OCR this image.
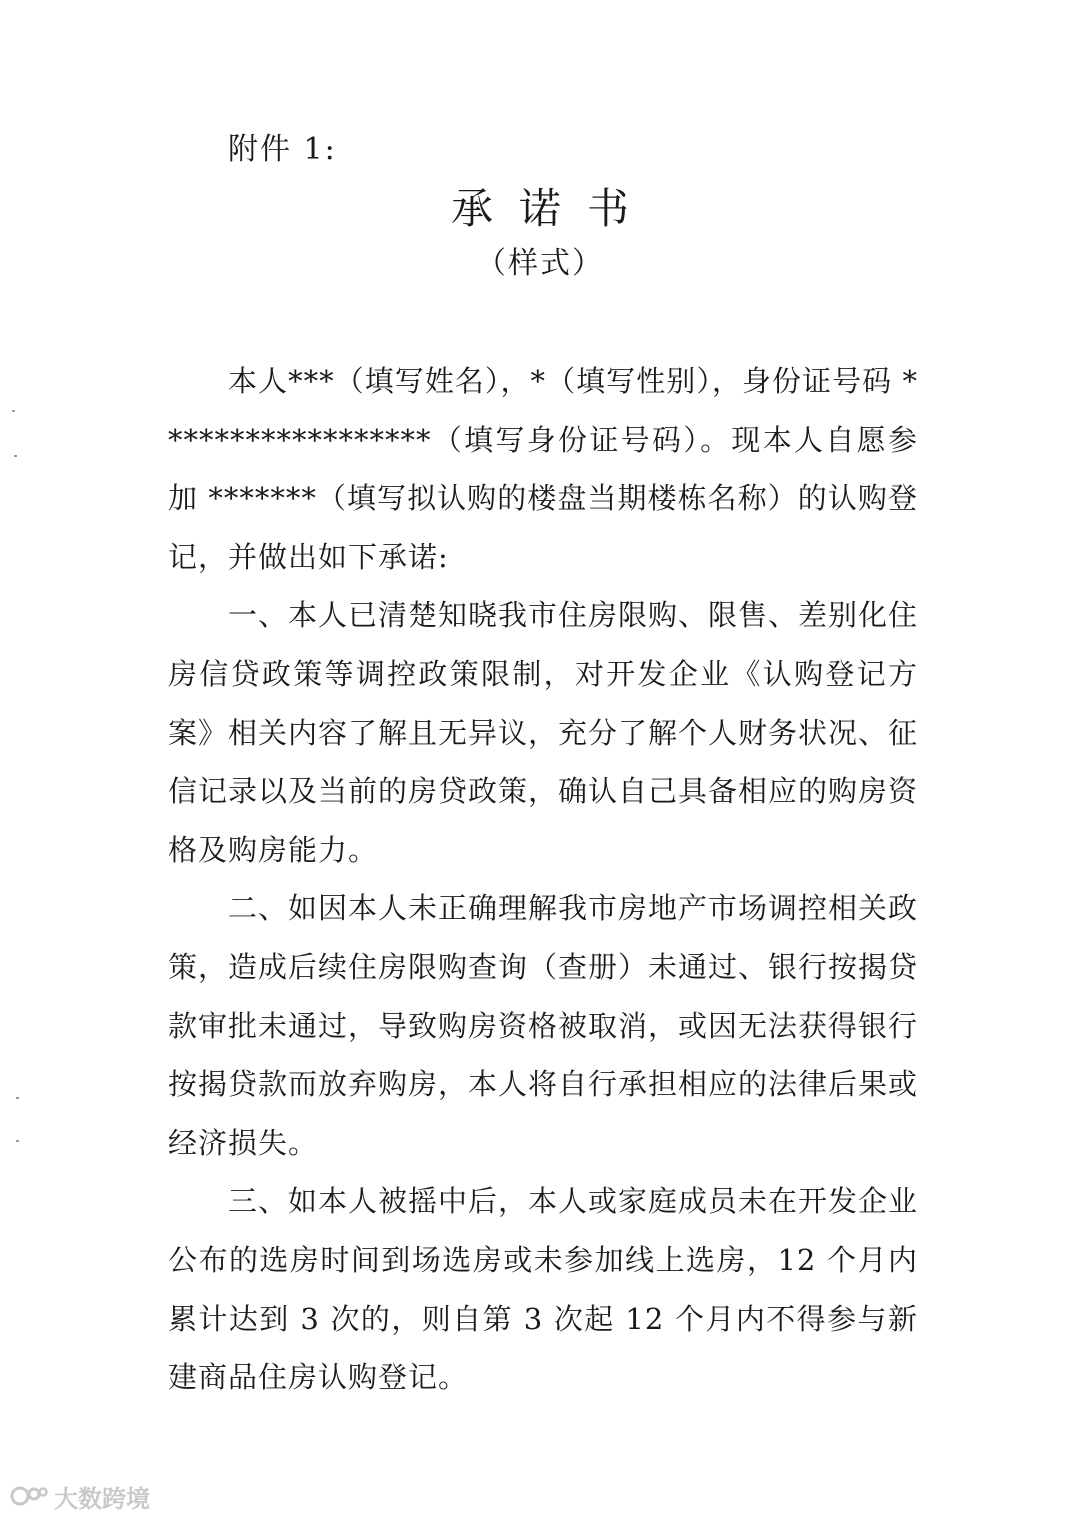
附件 1:
承诺书
（样式）

本人***（填写姓名），*（填写性别），身份证号码 ******************（填写身份证号码）。现本人自愿参加 *******（填写拟认购的楼盘当期楼栋名称）的认购登记，并做出如下承诺:

一、本人已清楚知晓我市住房限购、限售、差别化住房信贷政策等调控政策限制，对开发企业《认购登记方案》相关内容了解且无异议，充分了解个人财务状况、征信记录以及当前的房贷政策，确认自己具备相应的购房资格及购房能力。

二、如因本人未正确理解我市房地产市场调控相关政策，造成后续住房限购查询（查册）未通过、银行按揭贷款审批未通过，导致购房资格被取消，或因无法获得银行按揭贷款而放弃购房，本人将自行承担相应的法律后果或经济损失。

三、如本人被摇中后，本人或家庭成员未在开发企业公布的选房时间到场选房或未参加线上选房，12 个月内累计达到 3 次的，则自第 3 次起 12 个月内不得参与新建商品住房认购登记。

大数跨境
